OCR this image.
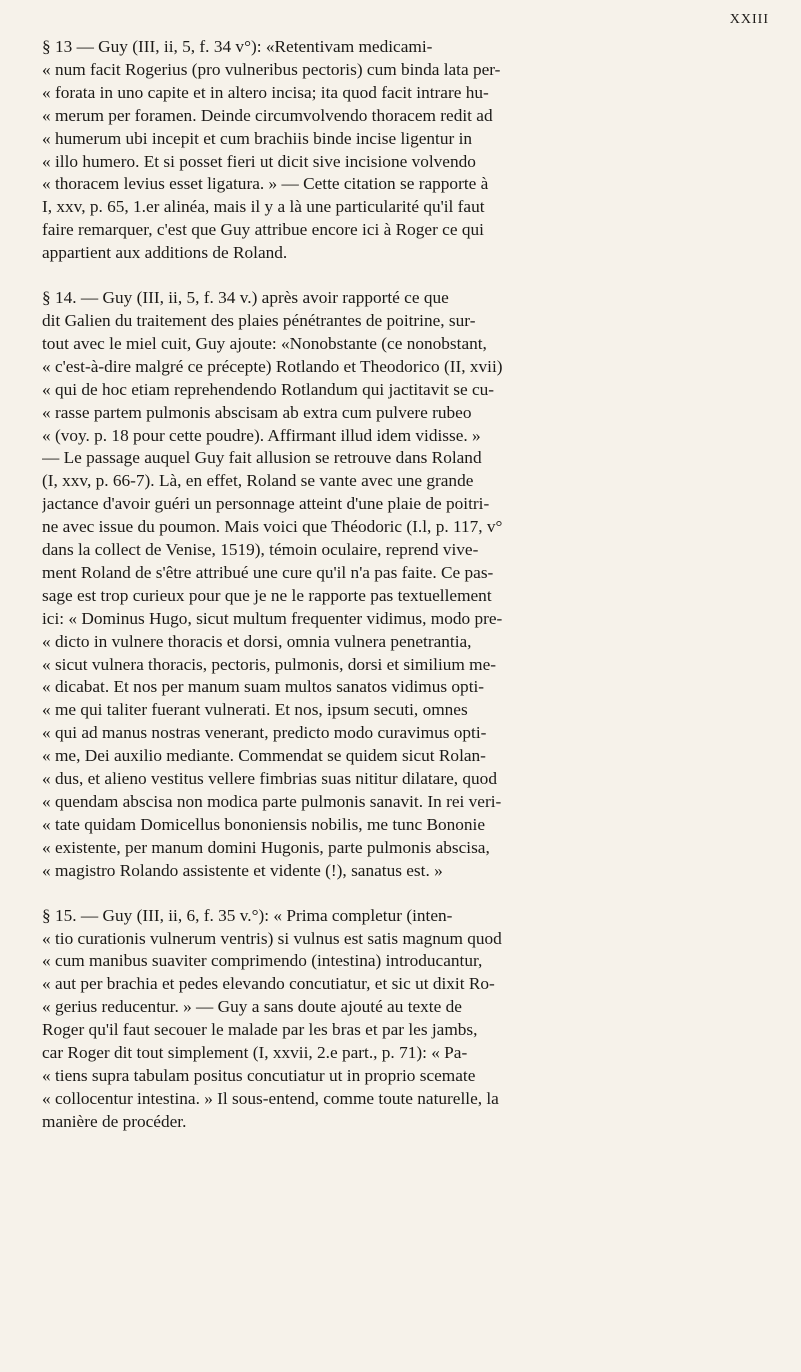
XXIII
§ 13 — Guy (III, ii, 5, f. 34 v°): «Retentivam medicami-
« num facit Rogerius (pro vulneribus pectoris) cum binda lata per-
« forata in uno capite et in altero incisa; ita quod facit intrare hu-
« merum per foramen. Deinde circumvolvendo thoracem redit ad
« humerum ubi incepit et cum brachiis binde incise ligentur in
« illo humero. Et si posset fieri ut dicit sive incisione volvendo
« thoracem levius esset ligatura. » — Cette citation se rapporte à
I, xxv, p. 65, 1.er alinéa, mais il y a là une particularité qu'il faut
faire remarquer, c'est que Guy attribue encore ici à Roger ce qui
appartient aux additions de Roland.
§ 14. — Guy (III, ii, 5, f. 34 v.) après avoir rapporté ce que
dit Galien du traitement des plaies pénétrantes de poitrine, sur-
tout avec le miel cuit, Guy ajoute: «Nonobstante (ce nonobstant,
« c'est-à-dire malgré ce précepte) Rotlando et Theodorico (II, xvii)
« qui de hoc etiam reprehendendo Rotlandum qui jactitavit se cu-
« rasse partem pulmonis abscisam ab extra cum pulvere rubeo
« (voy. p. 18 pour cette poudre). Affirmant illud idem vidisse. »
— Le passage auquel Guy fait allusion se retrouve dans Roland
(I, xxv, p. 66-7). Là, en effet, Roland se vante avec une grande
jactance d'avoir guéri un personnage atteint d'une plaie de poitri-
ne avec issue du poumon. Mais voici que Théodoric (I.l, p. 117, v°
dans la collect de Venise, 1519), témoin oculaire, reprend vive-
ment Roland de s'être attribué une cure qu'il n'a pas faite. Ce pas-
sage est trop curieux pour que je ne le rapporte pas textuellement
ici: « Dominus Hugo, sicut multum frequenter vidimus, modo pre-
« dicto in vulnere thoracis et dorsi, omnia vulnera penetrantia,
« sicut vulnera thoracis, pectoris, pulmonis, dorsi et similium me-
« dicabat. Et nos per manum suam multos sanatos vidimus opti-
« me qui taliter fuerant vulnerati. Et nos, ipsum secuti, omnes
« qui ad manus nostras venerant, predicto modo curavimus opti-
« me, Dei auxilio mediante. Commendat se quidem sicut Rolan-
« dus, et alieno vestitus vellere fimbrias suas nititur dilatare, quod
« quendam abscisa non modica parte pulmonis sanavit. In rei veri-
« tate quidam Domicellus bononiensis nobilis, me tunc Bononie
« existente, per manum domini Hugonis, parte pulmonis abscisa,
« magistro Rolando assistente et vidente (!), sanatus est. »
§ 15. — Guy (III, ii, 6, f. 35 v.°): « Prima completur (inten-
« tio curationis vulnerum ventris) si vulnus est satis magnum quod
« cum manibus suaviter comprimendo (intestina) introducantur,
« aut per brachia et pedes elevando concutiatur, et sic ut dixit Ro-
« gerius reducentur. » — Guy a sans doute ajouté au texte de
Roger qu'il faut secouer le malade par les bras et par les jambs,
car Roger dit tout simplement (I, xxvii, 2.e part., p. 71): « Pa-
« tiens supra tabulam positus concutiatur ut in proprio scemate
« collocentur intestina. » Il sous-entend, comme toute naturelle, la
manière de procéder.
